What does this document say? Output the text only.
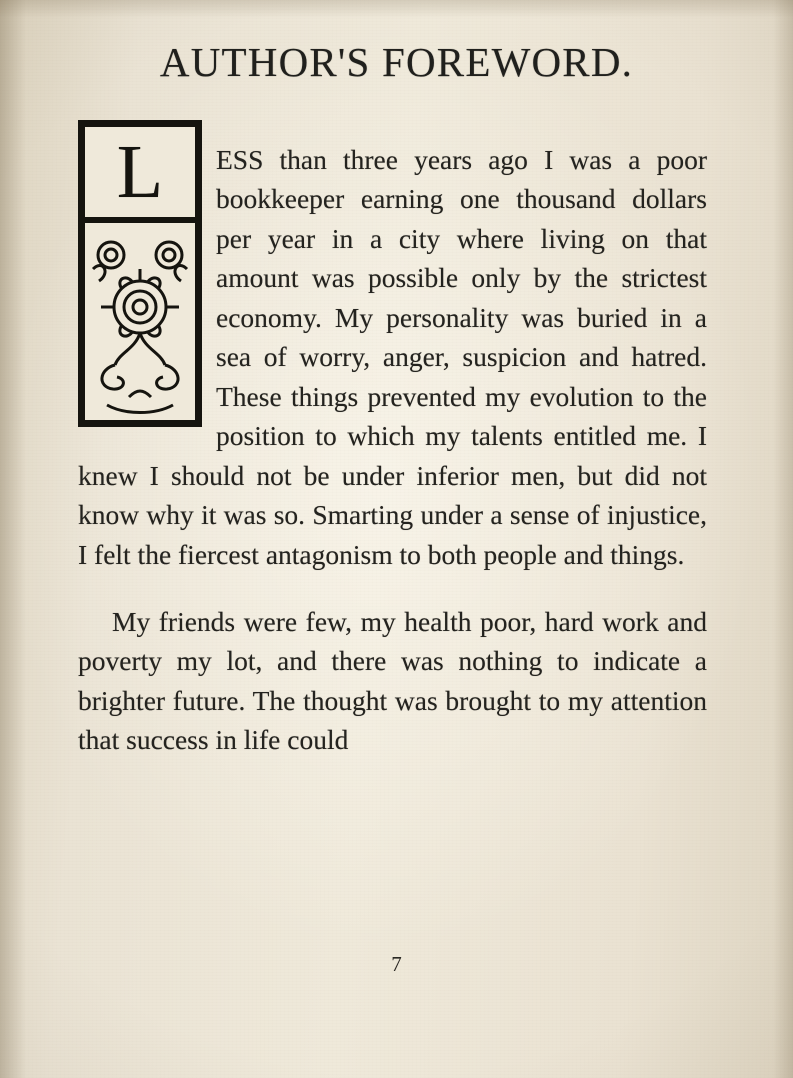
AUTHOR'S FOREWORD.
L	ESS than three years ago I was a poor bookkeeper earning one thousand dollars per year in a city where living on that amount was possible only by the strictest economy. My personality was buried in a sea of worry, anger, suspicion and hatred. These things prevented my evolution to the position to which my talents entitled me. I knew I should not be under inferior men, but did not know why it was so. Smarting under a sense of injustice, I felt the fiercest antagonism to both people and things.

My friends were few, my health poor, hard work and poverty my lot, and there was nothing to indicate a brighter future. The thought was brought to my attention that success in life could

7
